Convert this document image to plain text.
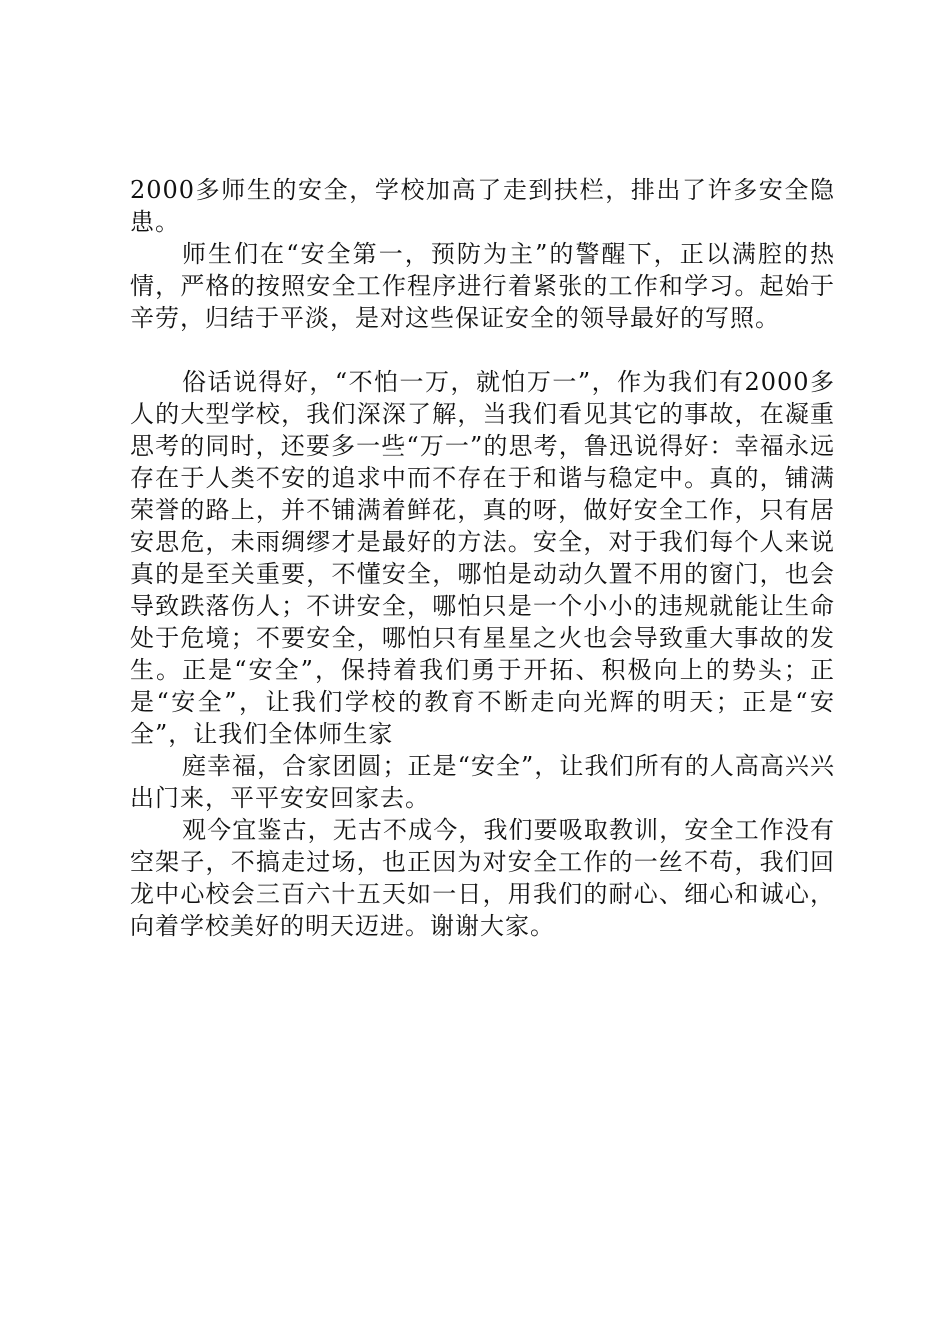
2000多师生的安全，学校加高了走到扶栏，排出了许多安全隐患。

师生们在“安全第一，预防为主”的警醒下，正以满腔的热情，严格的按照安全工作程序进行着紧张的工作和学习。起始于辛劳，归结于平淡，是对这些保证安全的领导最好的写照。

俗话说得好，“不怕一万，就怕万一”，作为我们有2000多人的大型学校，我们深深了解，当我们看见其它的事故，在凝重思考的同时，还要多一些“万一”的思考，鲁迅说得好：幸福永远存在于人类不安的追求中而不存在于和谐与稳定中。真的，铺满荣誉的路上，并不铺满着鲜花，真的呀，做好安全工作，只有居安思危，未雨绸缪才是最好的方法。安全，对于我们每个人来说真的是至关重要，不懂安全，哪怕是动动久置不用的窗门，也会导致跌落伤人；不讲安全，哪怕只是一个小小的违规就能让生命处于危境；不要安全，哪怕只有星星之火也会导致重大事故的发生。正是“安全”，保持着我们勇于开拓、积极向上的势头；正是“安全”，让我们学校的教育不断走向光辉的明天；正是“安全”，让我们全体师生家

庭幸福，合家团圆；正是“安全”，让我们所有的人高高兴兴出门来，平平安安回家去。

观今宜鉴古，无古不成今，我们要吸取教训，安全工作没有空架子，不搞走过场，也正因为对安全工作的一丝不苟，我们回龙中心校会三百六十五天如一日，用我们的耐心、细心和诚心，向着学校美好的明天迈进。谢谢大家。
